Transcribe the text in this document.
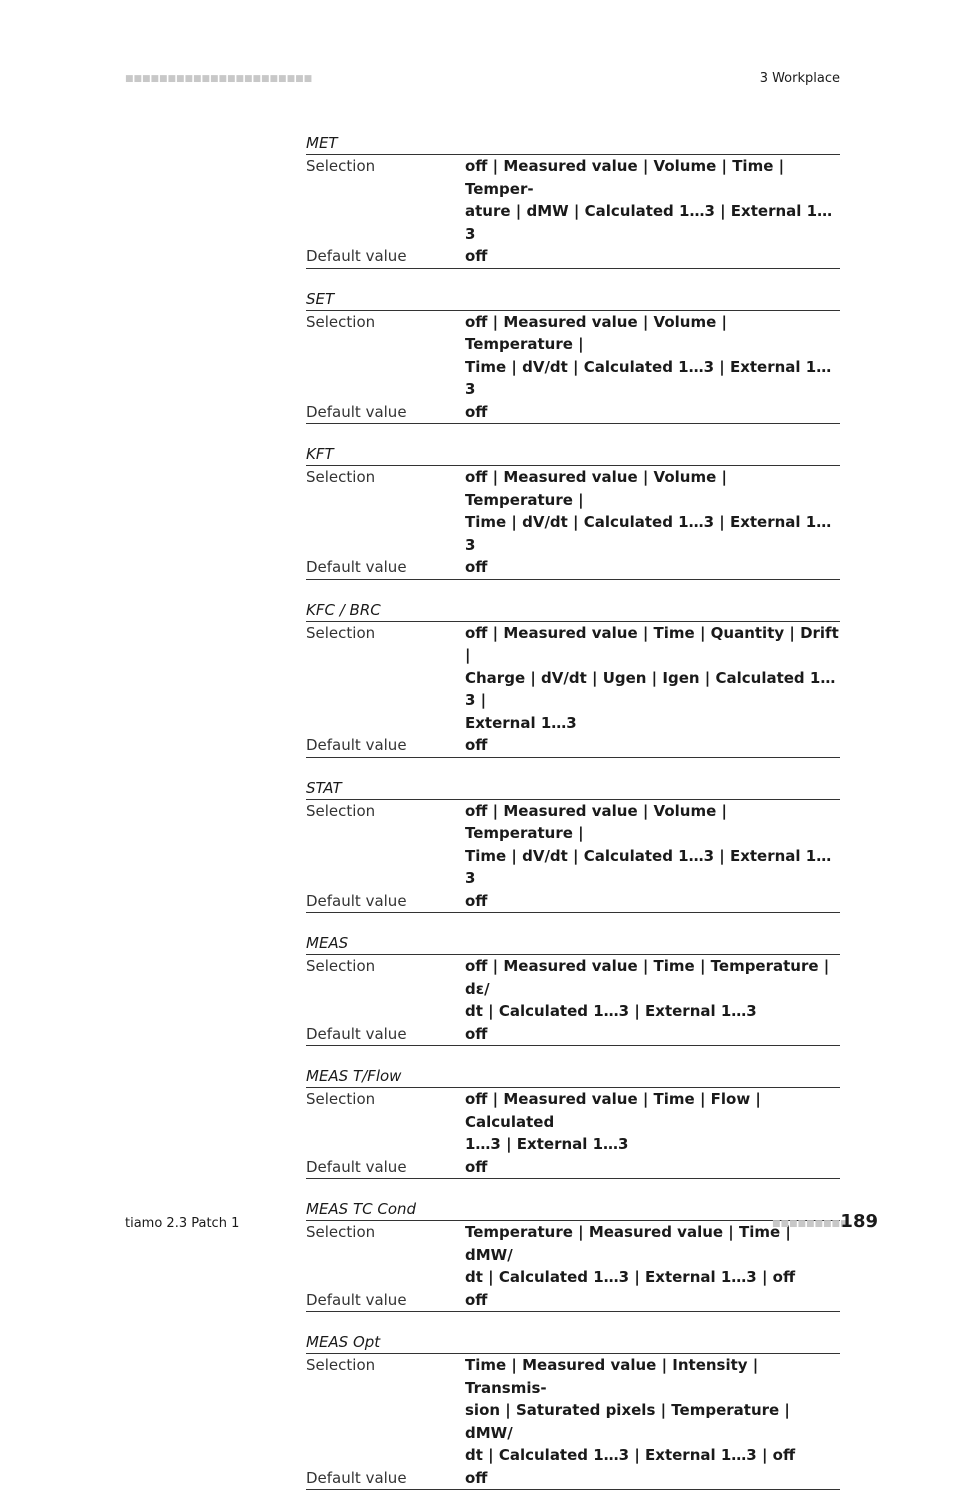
■■■■■■■■■■■■■■■■■■■■■■	3 Workplace
MET
Selection	off | Measured value | Volume | Time | Temper-
ature | dMW | Calculated 1…3 | External 1…3
Default value	off
SET
Selection	off | Measured value | Volume | Temperature |
Time | dV/dt | Calculated 1…3 | External 1…3
Default value	off
KFT
Selection	off | Measured value | Volume | Temperature |
Time | dV/dt | Calculated 1…3 | External 1…3
Default value	off
KFC / BRC
Selection	off | Measured value | Time | Quantity | Drift |
Charge | dV/dt | Ugen | Igen | Calculated 1…3 |
External 1…3
Default value	off
STAT
Selection	off | Measured value | Volume | Temperature |
Time | dV/dt | Calculated 1…3 | External 1…3
Default value	off
MEAS
Selection	off | Measured value | Time | Temperature | dε/
dt | Calculated 1…3 | External 1…3
Default value	off
MEAS T/Flow
Selection	off | Measured value | Time | Flow | Calculated
1…3 | External 1…3
Default value	off
MEAS TC Cond
Selection	Temperature | Measured value | Time | dMW/
dt | Calculated 1…3 | External 1…3 | off
Default value	off
MEAS Opt
Selection	Time | Measured value | Intensity | Transmis-
sion | Saturated pixels | Temperature | dMW/
dt | Calculated 1…3 | External 1…3 | off
Default value	off
tiamo 2.3 Patch 1	■■■■■■■■■
189
